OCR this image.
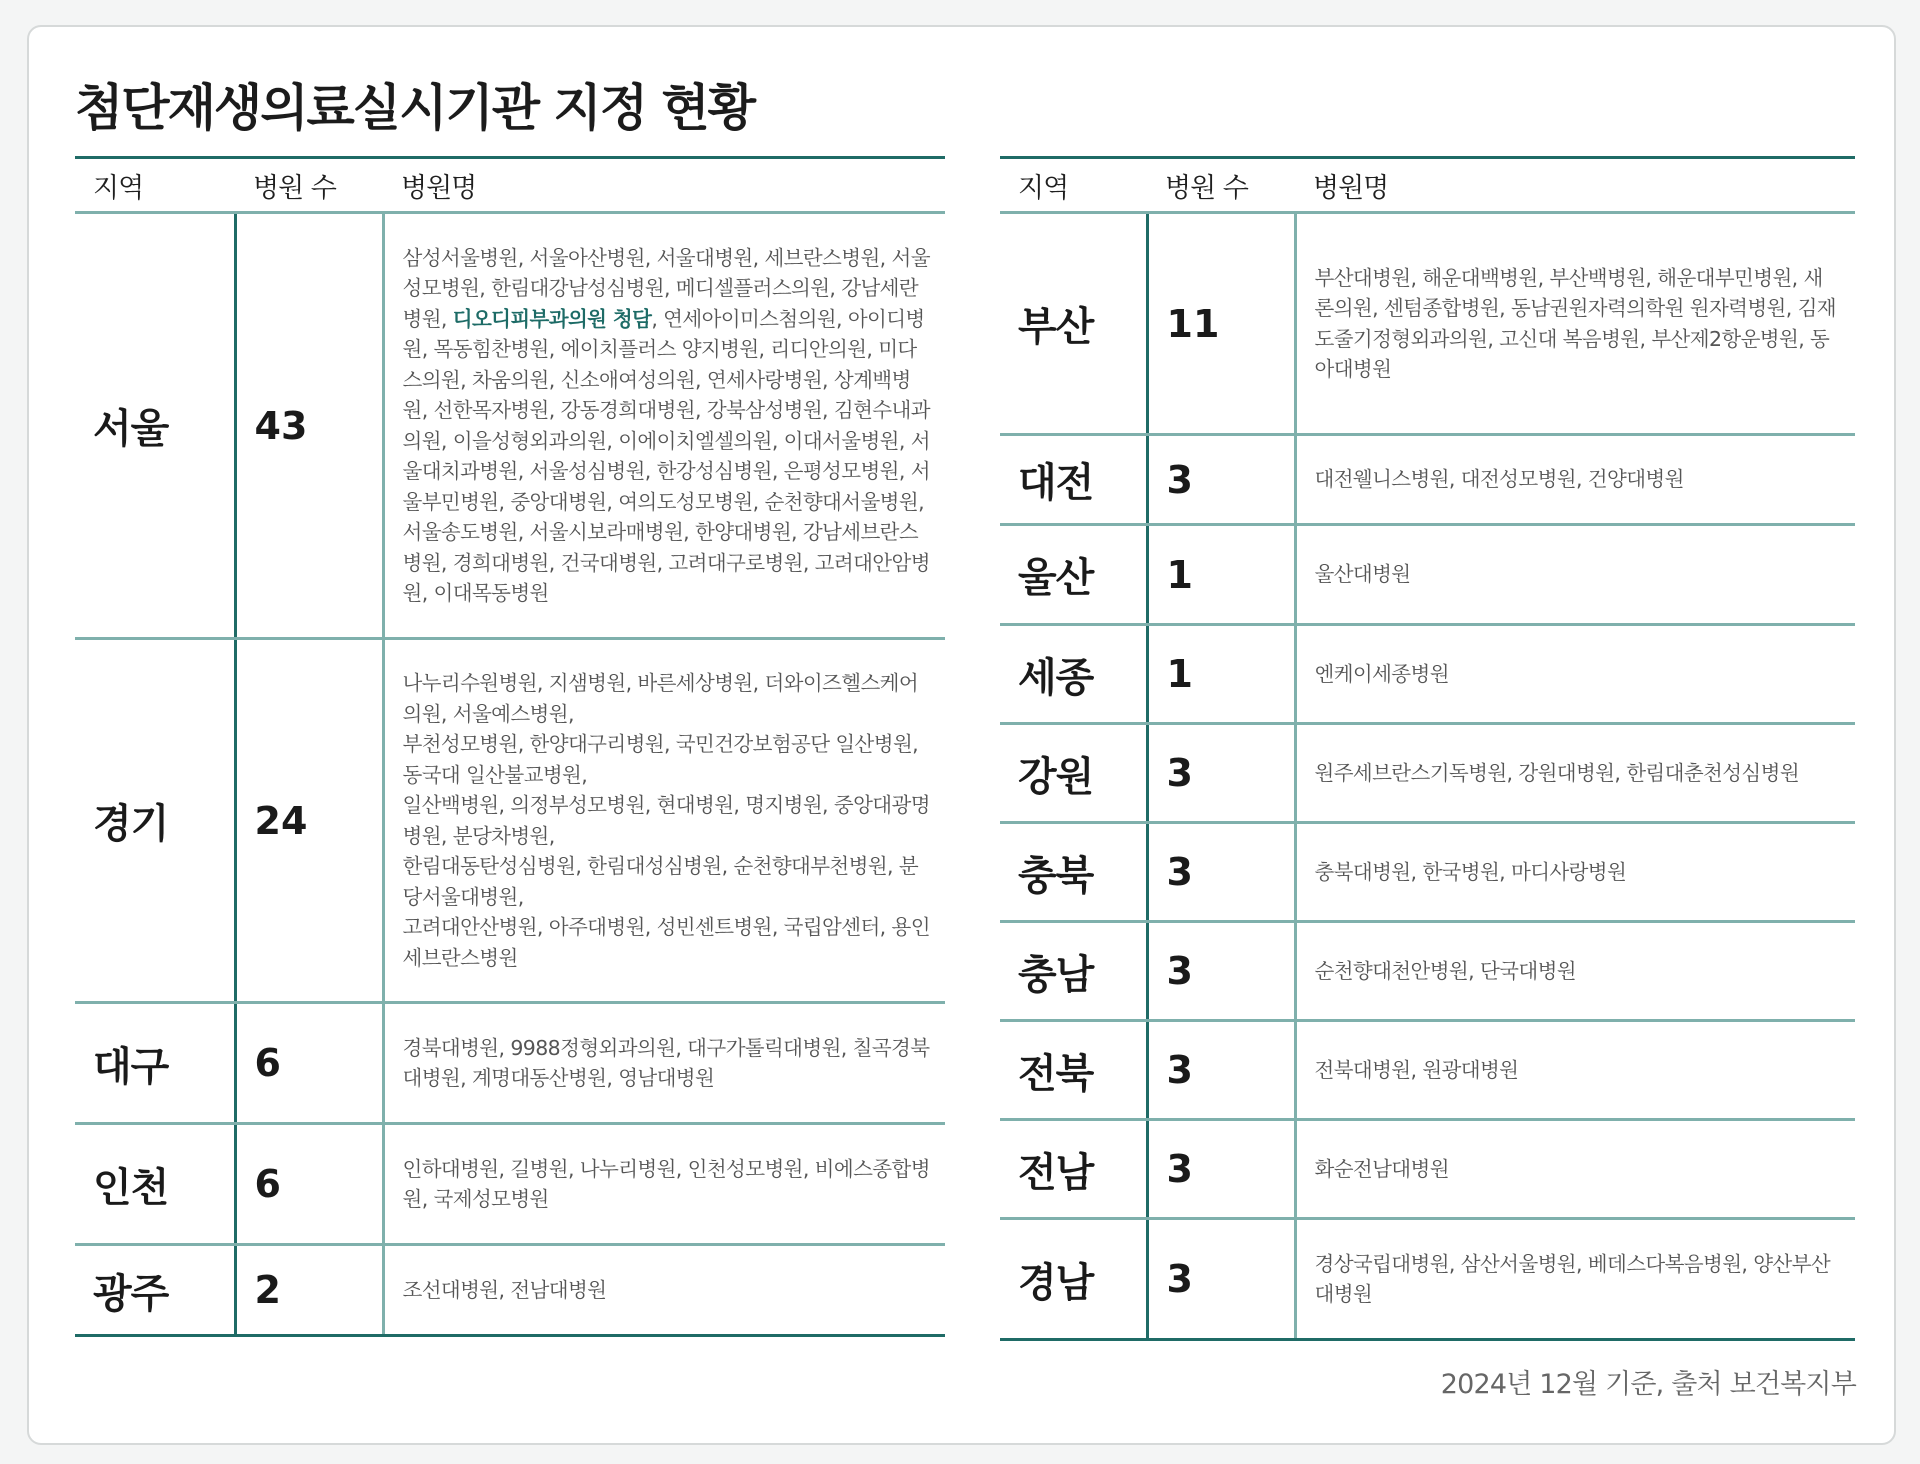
첨단재생의료실시기관 지정 현황
지역	병원 수	병원명
서울	43	삼성서울병원, 서울아산병원, 서울대병원, 세브란스병원, 서울성모병원, 한림대강남성심병원, 메디셀플러스의원, 강남세란병원, 디오디피부과의원 청담, 연세아이미스첨의원, 아이디병원, 목동힘찬병원, 에이치플러스 양지병원, 리디안의원, 미다스의원, 차움의원, 신소애여성의원, 연세사랑병원, 상계백병원, 선한목자병원, 강동경희대병원, 강북삼성병원, 김현수내과의원, 이을성형외과의원, 이에이치엘셀의원, 이대서울병원, 서울대치과병원, 서울성심병원, 한강성심병원, 은평성모병원, 서울부민병원, 중앙대병원, 여의도성모병원, 순천향대서울병원, 서울송도병원, 서울시보라매병원, 한양대병원, 강남세브란스병원, 경희대병원, 건국대병원, 고려대구로병원, 고려대안암병원, 이대목동병원
경기	24	나누리수원병원, 지샘병원, 바른세상병원, 더와이즈헬스케어의원, 서울예스병원,
부천성모병원, 한양대구리병원, 국민건강보험공단 일산병원, 동국대 일산불교병원,
일산백병원, 의정부성모병원, 현대병원, 명지병원, 중앙대광명병원, 분당차병원,
한림대동탄성심병원, 한림대성심병원, 순천향대부천병원, 분당서울대병원,
고려대안산병원, 아주대병원, 성빈센트병원, 국립암센터, 용인세브란스병원

대구	6	경북대병원, 9988정형외과의원, 대구가톨릭대병원, 칠곡경북대병원, 계명대동산병원, 영남대병원
인천	6	인하대병원, 길병원, 나누리병원, 인천성모병원, 비에스종합병원, 국제성모병원
광주	2	조선대병원, 전남대병원
지역	병원 수	병원명
부산	11	부산대병원, 해운대백병원, 부산백병원, 해운대부민병원, 새론의원, 센텀종합병원, 동남권원자력의학원 원자력병원, 김재도줄기정형외과의원, 고신대 복음병원, 부산제2항운병원, 동아대병원
대전	3	대전웰니스병원, 대전성모병원, 건양대병원
울산	1	울산대병원
세종	1	엔케이세종병원
강원	3	원주세브란스기독병원, 강원대병원, 한림대춘천성심병원
충북	3	충북대병원, 한국병원, 마디사랑병원
충남	3	순천향대천안병원, 단국대병원
전북	3	전북대병원, 원광대병원
전남	3	화순전남대병원
경남	3	경상국립대병원, 삼산서울병원, 베데스다복음병원, 양산부산대병원
2024년 12월 기준, 출처 보건복지부
